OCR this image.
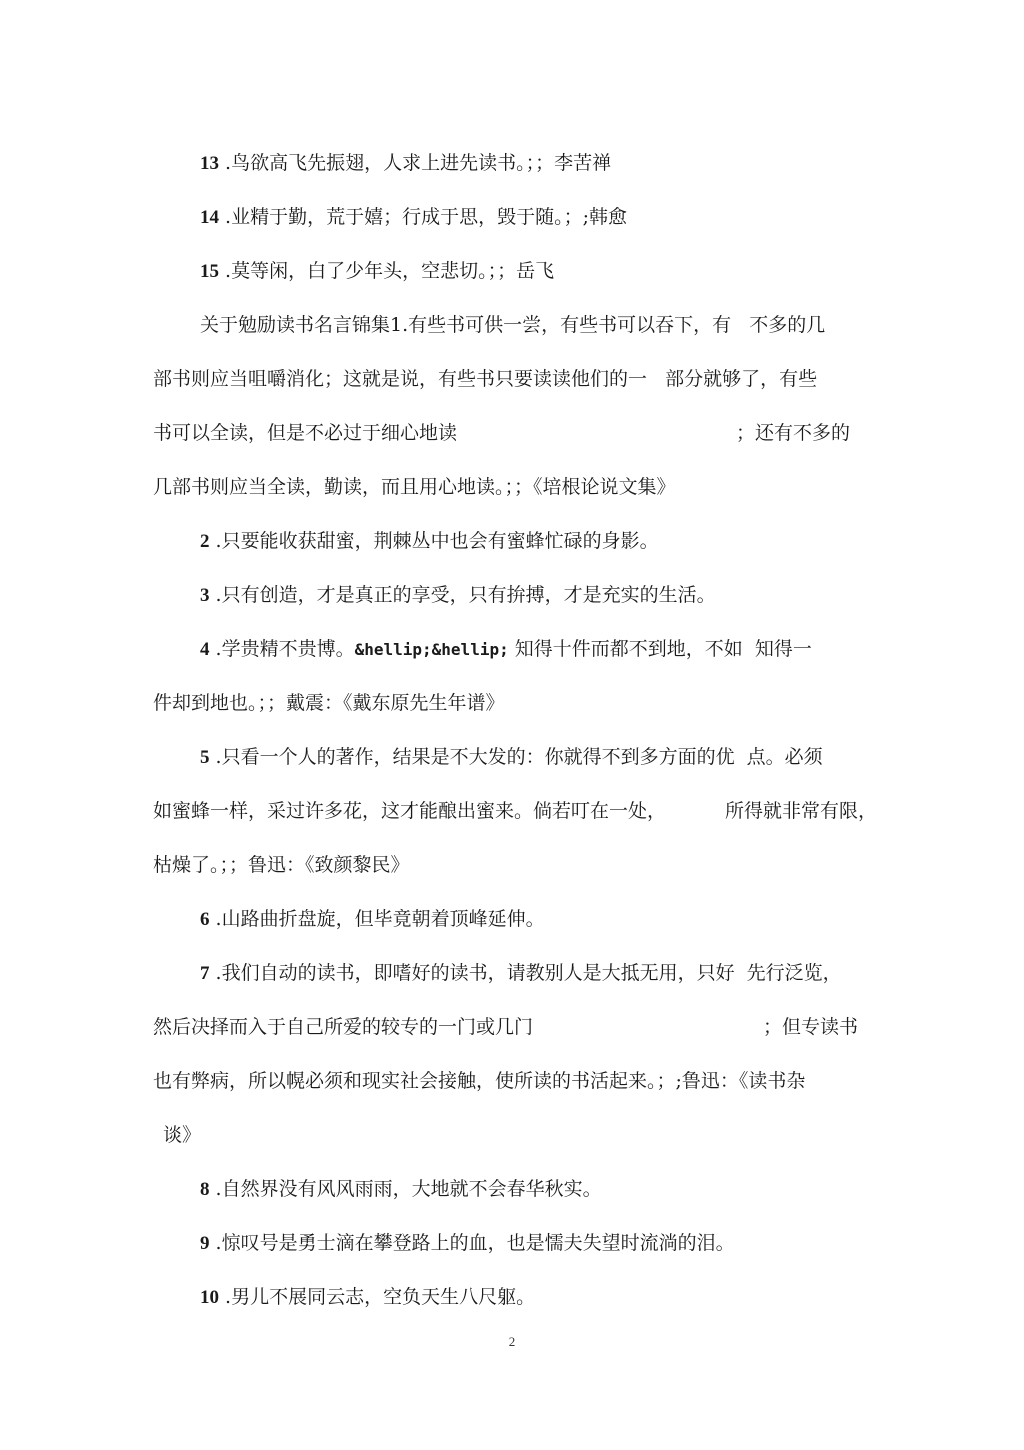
13 .鸟欲高飞先振翅，人求上进先读书。；；李苦禅
14 .业精于勤，荒于嬉；行成于思，毁于随。；;韩愈
15 .莫等闲，白了少年头，空悲切。；；岳飞
关于勉励读书名言锦集1.有些书可供一尝，有些书可以吞下，有   不多的几
部书则应当咀嚼消化；这就是说，有些书只要读读他们的一   部分就够了，有些
书可以全读，但是不必过于细心地读	；还有不多的
几部书则应当全读，勤读，而且用心地读。；；《培根论说文集》
2 .只要能收获甜蜜，荆棘丛中也会有蜜蜂忙碌的身影。
3 .只有创造，才是真正的享受，只有拚搏，才是充实的生活。
4 .学贵精不贵博。&hellip;&hellip; 知得十件而都不到地，不如  知得一
件却到地也。；；戴震：《戴东原先生年谱》
5 .只看一个人的著作，结果是不大发的：你就得不到多方面的优  点。必须
如蜜蜂一样，采过许多花，这才能酿出蜜来。倘若叮在一处，	所得就非常有限，
枯燥了。；；鲁迅：《致颜黎民》
6 .山路曲折盘旋，但毕竟朝着顶峰延伸。
7 .我们自动的读书，即嗜好的读书，请教别人是大抵无用，只好  先行泛览，
然后决择而入于自己所爱的较专的一门或几门	；但专读书
也有弊病，所以幌必须和现实社会接触，使所读的书活起来。；;鲁迅：《读书杂
谈》
8 .自然界没有风风雨雨，大地就不会春华秋实。
9 .惊叹号是勇士滴在攀登路上的血，也是懦夫失望时流淌的泪。
10 .男儿不展同云志，空负天生八尺躯。
2
